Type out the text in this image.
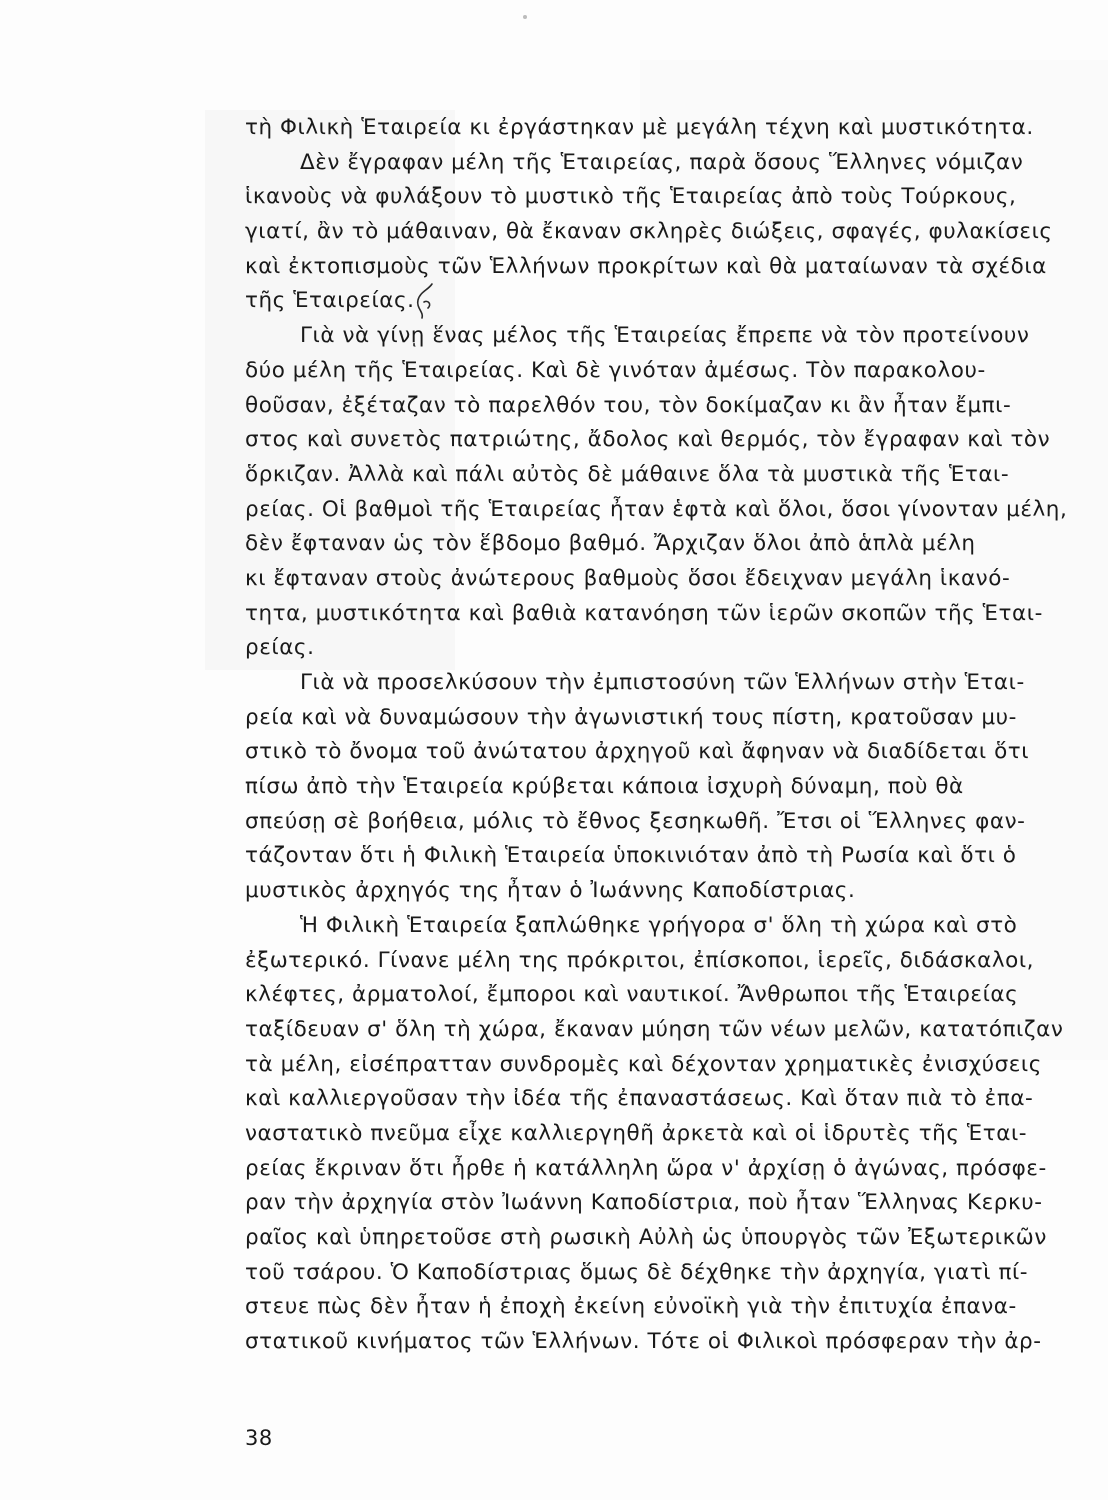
τὴ Φιλικὴ Ἑταιρεία κι ἐργάστηκαν μὲ μεγάλη τέχνη καὶ μυστικότητα.
Δὲν ἔγραφαν μέλη τῆς Ἑταιρείας, παρὰ ὅσους Ἕλληνες νόμιζαν
ἱκανοὺς νὰ φυλάξουν τὸ μυστικὸ τῆς Ἑταιρείας ἀπὸ τοὺς Τούρκους,
γιατί, ἂν τὸ μάθαιναν, θὰ ἔκαναν σκληρὲς διώξεις, σφαγές, φυλακίσεις
καὶ ἐκτοπισμοὺς τῶν Ἑλλήνων προκρίτων καὶ θὰ ματαίωναν τὰ σχέδια
τῆς Ἑταιρείας.
Γιὰ νὰ γίνῃ ἕνας μέλος τῆς Ἑταιρείας ἔπρεπε νὰ τὸν προτείνουν
δύο μέλη τῆς Ἑταιρείας. Καὶ δὲ γινόταν ἀμέσως. Τὸν παρακολου-
θοῦσαν, ἐξέταζαν τὸ παρελθόν του, τὸν δοκίμαζαν κι ἂν ἦταν ἔμπι-
στος καὶ συνετὸς πατριώτης, ἄδολος καὶ θερμός, τὸν ἔγραφαν καὶ τὸν
ὅρκιζαν. Ἀλλὰ καὶ πάλι αὐτὸς δὲ μάθαινε ὅλα τὰ μυστικὰ τῆς Ἑται-
ρείας. Οἱ βαθμοὶ τῆς Ἑταιρείας ἦταν ἑφτὰ καὶ ὅλοι, ὅσοι γίνονταν μέλη,
δὲν ἔφταναν ὡς τὸν ἕβδομο βαθμό. Ἄρχιζαν ὅλοι ἀπὸ ἁπλὰ μέλη
κι ἔφταναν στοὺς ἀνώτερους βαθμοὺς ὅσοι ἔδειχναν μεγάλη ἱκανό-
τητα, μυστικότητα καὶ βαθιὰ κατανόηση τῶν ἱερῶν σκοπῶν τῆς Ἑται-
ρείας.
Γιὰ νὰ προσελκύσουν τὴν ἐμπιστοσύνη τῶν Ἑλλήνων στὴν Ἑται-
ρεία καὶ νὰ δυναμώσουν τὴν ἀγωνιστική τους πίστη, κρατοῦσαν μυ-
στικὸ τὸ ὄνομα τοῦ ἀνώτατου ἀρχηγοῦ καὶ ἄφηναν νὰ διαδίδεται ὅτι
πίσω ἀπὸ τὴν Ἑταιρεία κρύβεται κάποια ἰσχυρὴ δύναμη, ποὺ θὰ
σπεύσῃ σὲ βοήθεια, μόλις τὸ ἔθνος ξεσηκωθῆ. Ἔτσι οἱ Ἕλληνες φαν-
τάζονταν ὅτι ἡ Φιλικὴ Ἑταιρεία ὑποκινιόταν ἀπὸ τὴ Ρωσία καὶ ὅτι ὁ
μυστικὸς ἀρχηγός της ἦταν ὁ Ἰωάννης Καποδίστριας.
Ἡ Φιλικὴ Ἑταιρεία ξαπλώθηκε γρήγορα σ' ὅλη τὴ χώρα καὶ στὸ
ἐξωτερικό. Γίνανε μέλη της πρόκριτοι, ἐπίσκοποι, ἱερεῖς, διδάσκαλοι,
κλέφτες, ἀρματολοί, ἔμποροι καὶ ναυτικοί. Ἄνθρωποι τῆς Ἑταιρείας
ταξίδευαν σ' ὅλη τὴ χώρα, ἔκαναν μύηση τῶν νέων μελῶν, κατατόπιζαν
τὰ μέλη, εἰσέπρατταν συνδρομὲς καὶ δέχονταν χρηματικὲς ἐνισχύσεις
καὶ καλλιεργοῦσαν τὴν ἰδέα τῆς ἐπαναστάσεως. Καὶ ὅταν πιὰ τὸ ἐπα-
ναστατικὸ πνεῦμα εἶχε καλλιεργηθῆ ἀρκετὰ καὶ οἱ ἱδρυτὲς τῆς Ἑται-
ρείας ἔκριναν ὅτι ἦρθε ἡ κατάλληλη ὥρα ν' ἀρχίσῃ ὁ ἀγώνας, πρόσφε-
ραν τὴν ἀρχηγία στὸν Ἰωάννη Καποδίστρια, ποὺ ἦταν Ἕλληνας Κερκυ-
ραῖος καὶ ὑπηρετοῦσε στὴ ρωσικὴ Αὐλὴ ὡς ὑπουργὸς τῶν Ἐξωτερικῶν
τοῦ τσάρου. Ὁ Καποδίστριας ὅμως δὲ δέχθηκε τὴν ἀρχηγία, γιατὶ πί-
στευε πὼς δὲν ἦταν ἡ ἐποχὴ ἐκείνη εὐνοϊκὴ γιὰ τὴν ἐπιτυχία ἐπανα-
στατικοῦ κινήματος τῶν Ἑλλήνων. Τότε οἱ Φιλικοὶ πρόσφεραν τὴν ἀρ-
38
